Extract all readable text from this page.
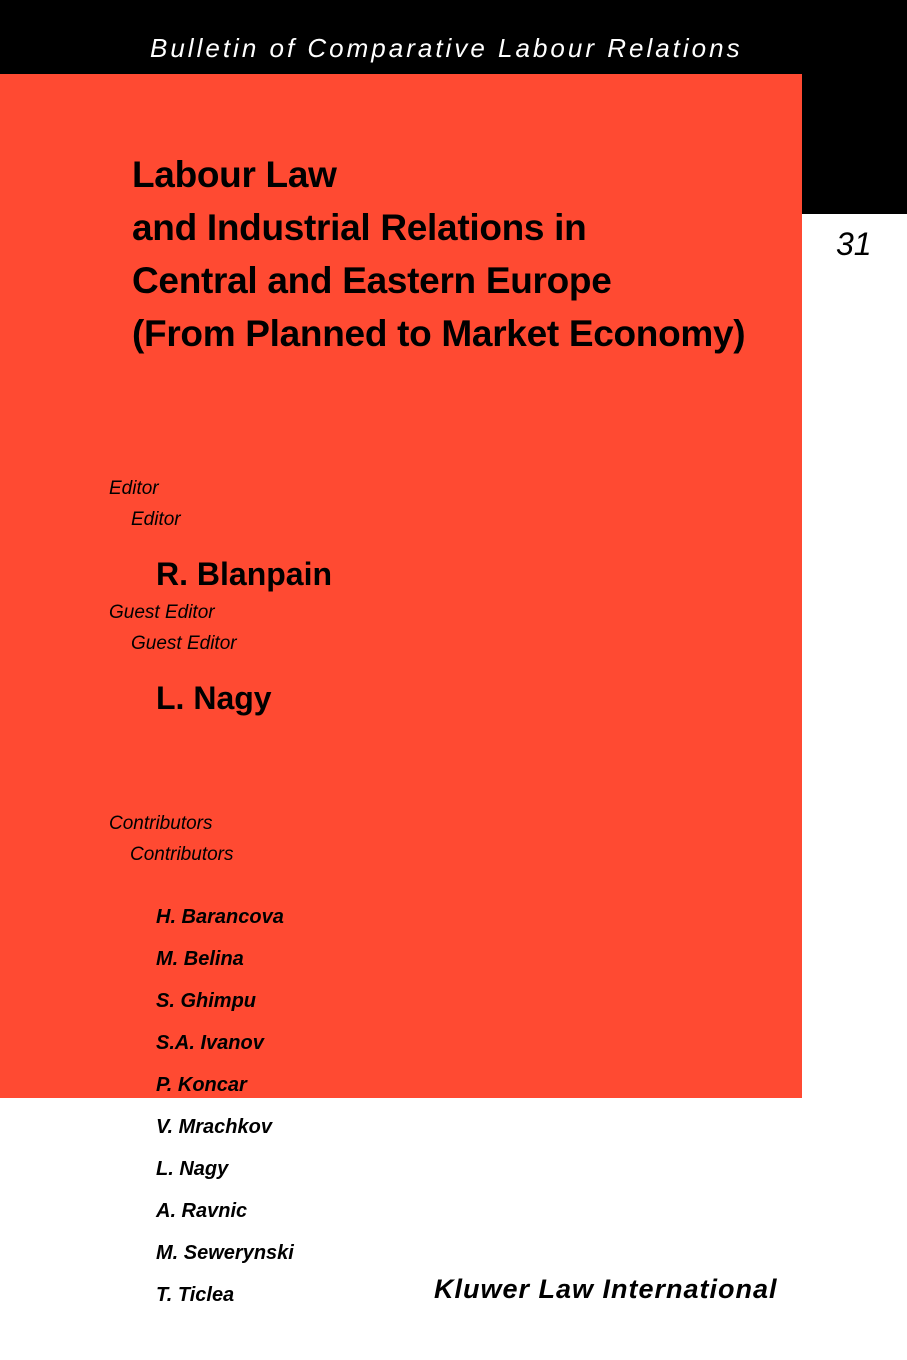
Bulletin of Comparative Labour Relations
31
Labour Law
and Industrial Relations in
Central and Eastern Europe
(From Planned to Market Economy)
Editor
Editor
R. Blanpain
Guest Editor
Guest Editor
L. Nagy
Contributors
Contributors
H. Barancova
M. Belina
S. Ghimpu
S.A. Ivanov
P. Koncar
V. Mrachkov
L. Nagy
A. Ravnic
M. Sewerynski
T. Ticlea	Kluwer Law International
